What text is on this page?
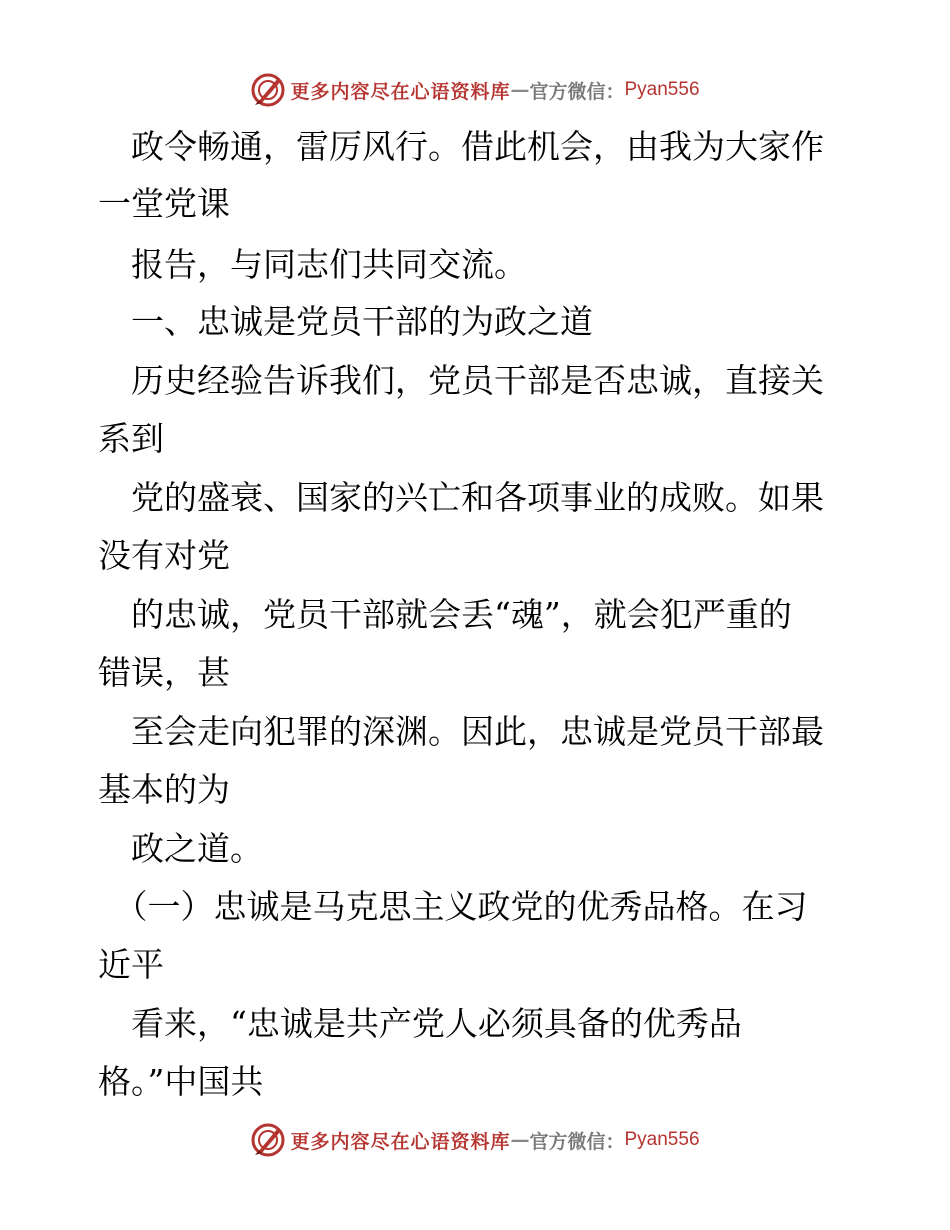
更多内容尽在心语资料库 — 官方微信： Pyan556
　政令畅通，雷厉风行。借此机会，由我为大家作
一堂党课
　报告，与同志们共同交流。
　一、忠诚是党员干部的为政之道
　历史经验告诉我们，党员干部是否忠诚，直接关
系到
　党的盛衰、国家的兴亡和各项事业的成败。如果
没有对党
　的忠诚，党员干部就会丢“魂”，就会犯严重的
错误，甚
　至会走向犯罪的深渊。因此，忠诚是党员干部最
基本的为
　政之道。
　（一）忠诚是马克思主义政党的优秀品格。在习
近平
　看来，“忠诚是共产党人必须具备的优秀品
格。”中国共
更多内容尽在心语资料库 — 官方微信： Pyan556
